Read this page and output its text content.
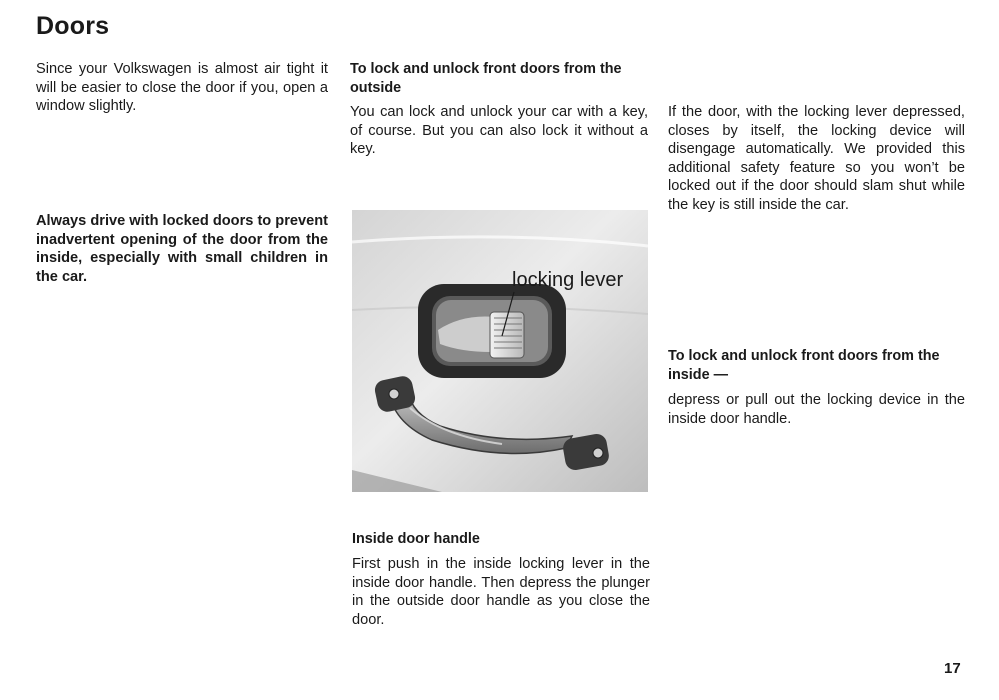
Doors
Since your Volkswagen is almost air tight it will be easier to close the door if you, open a window slightly.
Always drive with locked doors to prevent inadvertent opening of the door from the inside, especially with small children in the car.
To lock and unlock front doors from the outside
You can lock and unlock your car with a key, of course. But you can also lock it without a key.
locking lever
Inside door handle
First push in the inside locking lever in the inside door handle. Then depress the plunger in the outside door handle as you close the door.
If the door, with the locking lever depressed, closes by itself, the locking device will disengage automatically. We provided this additional safety feature so you won’t be locked out if the door should slam shut while the key is still inside the car.
To lock and unlock front doors from the inside —
depress or pull out the locking device in the inside door handle.
17
